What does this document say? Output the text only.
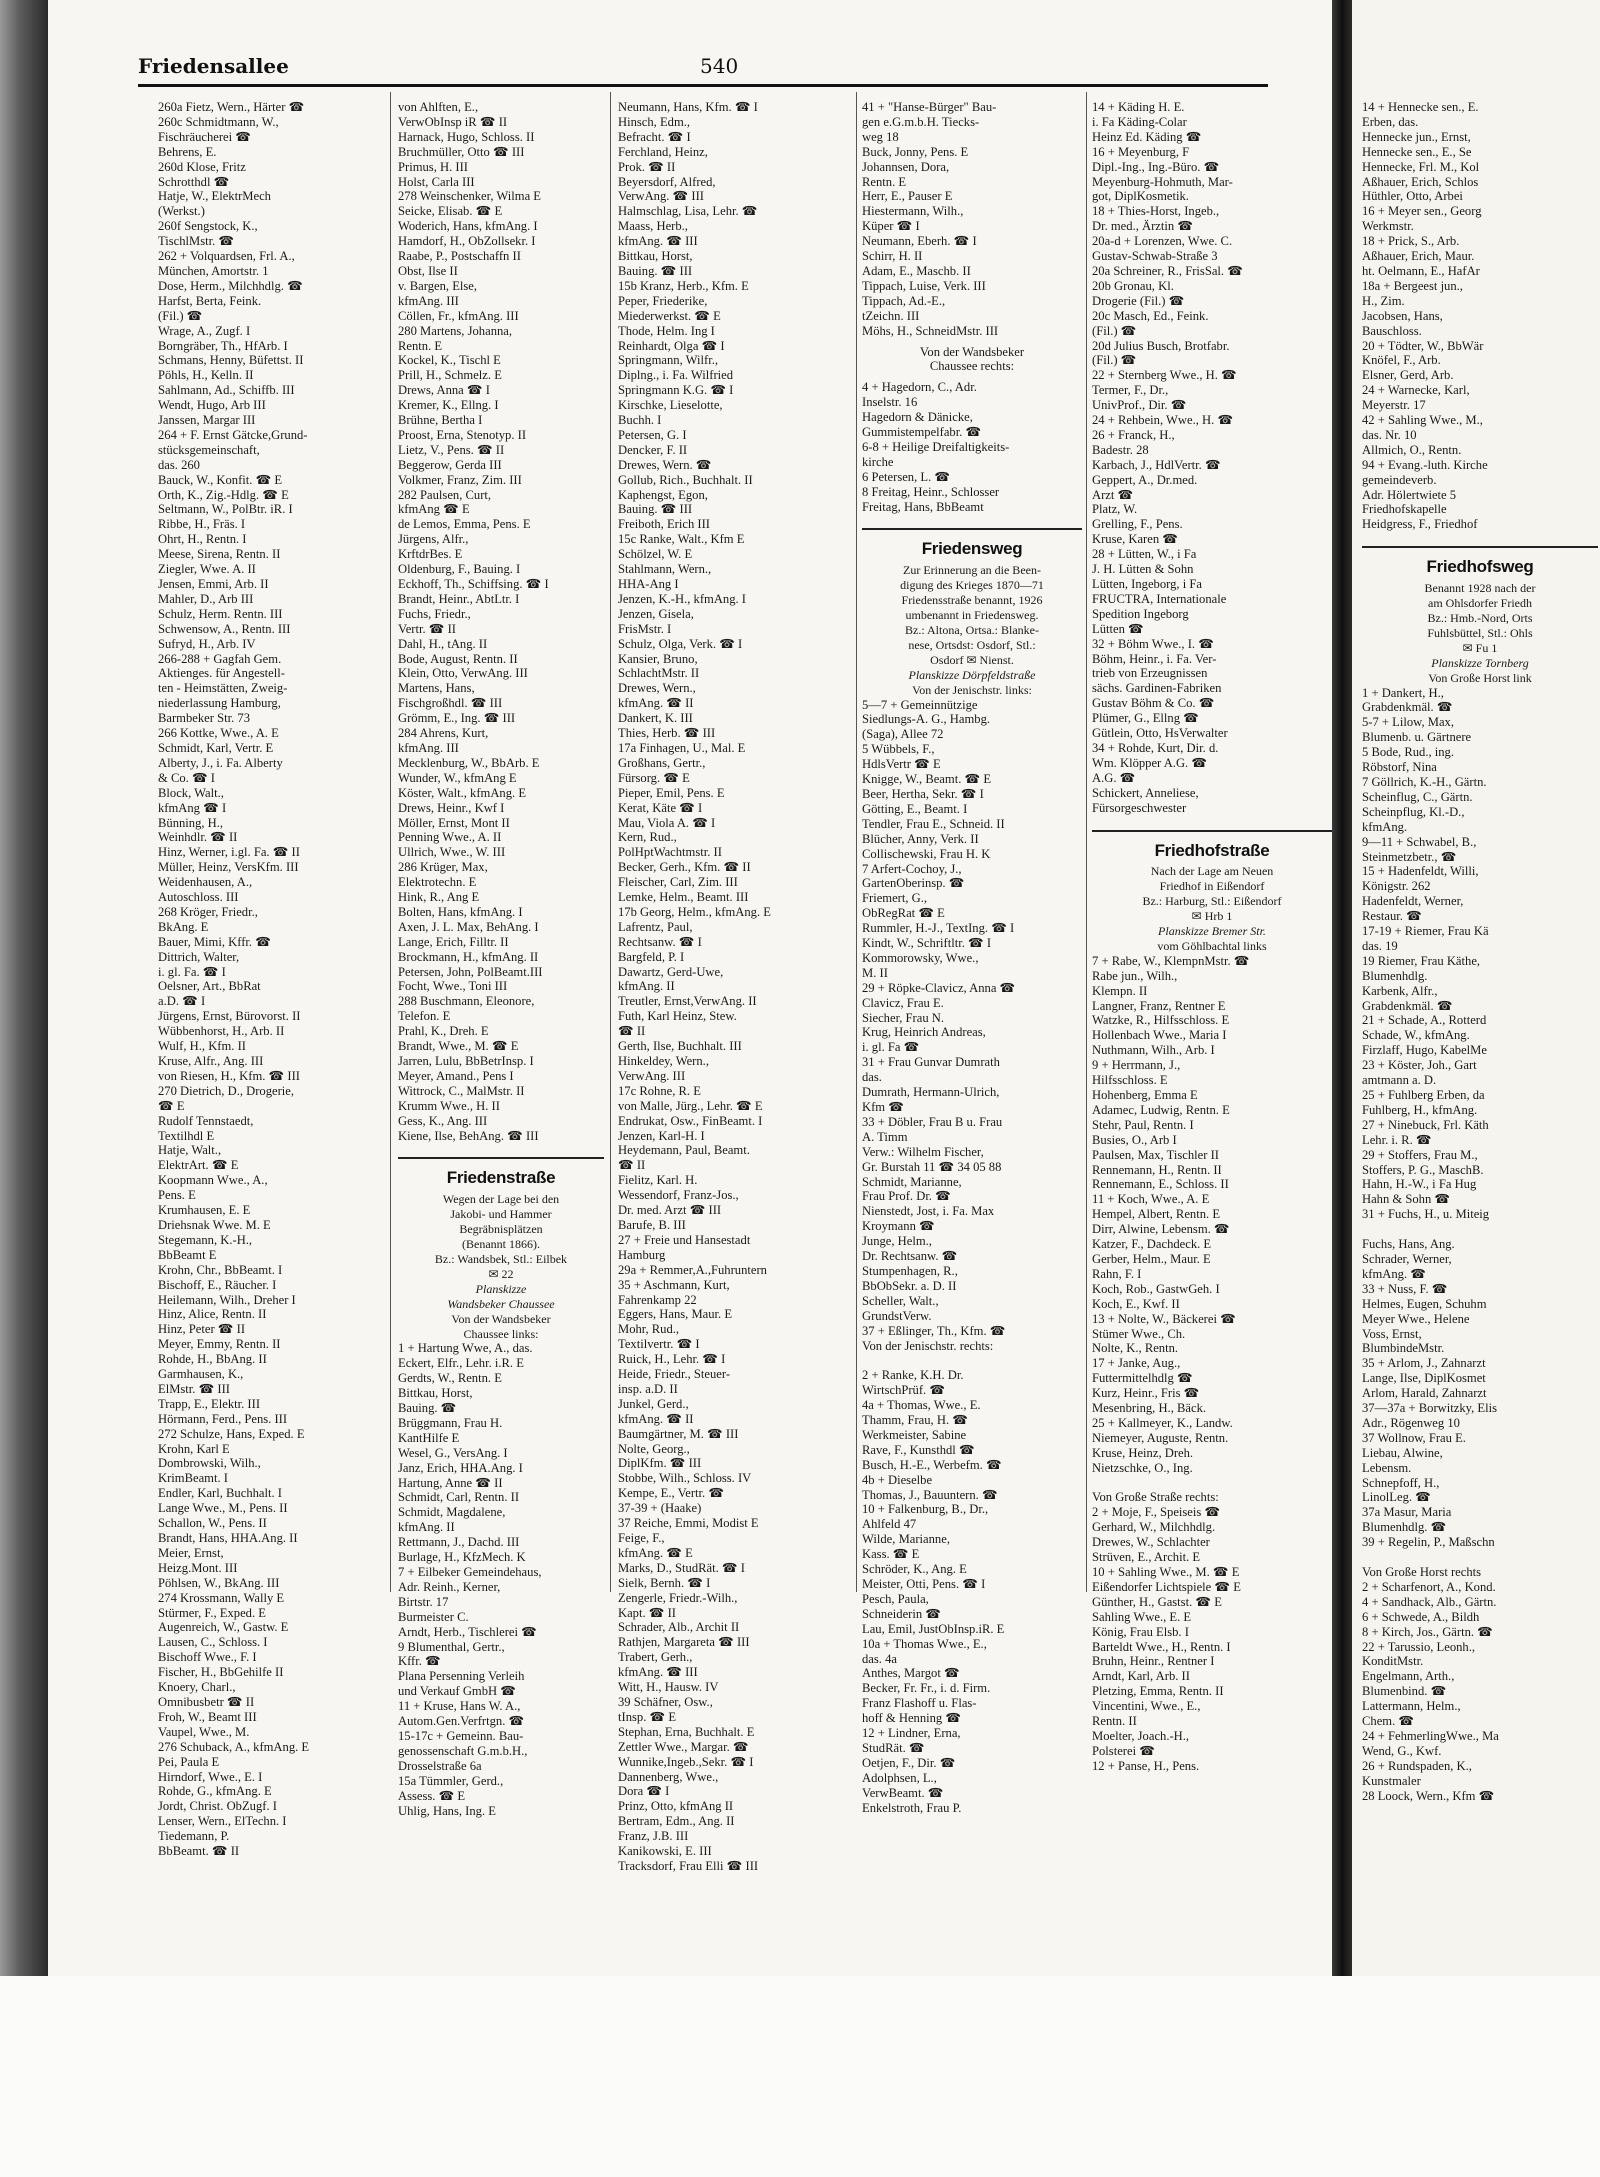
Friedensallee	540
260a Fietz, Wern., Härter ☎
260c Schmidtmann, W.,
Fischräucherei ☎
Behrens, E.
260d Klose, Fritz
Schrotthdl ☎
Hatje, W., ElektrMech
(Werkst.)
260f Sengstock, K.,
TischlMstr. ☎
262 + Volquardsen, Frl. A.,
München, Amortstr. 1
Dose, Herm., Milchhdlg. ☎
Harfst, Berta, Feink.
(Fil.) ☎
Wrage, A., Zugf. I
Borngräber, Th., HfArb. I
Schmans, Henny, Büfettst. II
Pöhls, H., Kelln. II
Sahlmann, Ad., Schiffb. III
Wendt, Hugo, Arb III
Janssen, Margar III
264 + F. Ernst Gätcke,Grund-
stücksgemeinschaft,
das. 260
Bauck, W., Konfit. ☎ E
Orth, K., Zig.-Hdlg. ☎ E
Seltmann, W., PolBtr. iR. I
Ribbe, H., Fräs. I
Ohrt, H., Rentn. I
Meese, Sirena, Rentn. II
Ziegler, Wwe. A. II
Jensen, Emmi, Arb. II
Mahler, D., Arb III
Schulz, Herm. Rentn. III
Schwensow, A., Rentn. III
Sufryd, H., Arb. IV
266-288 + Gagfah Gem.
Aktienges. für Angestell-
ten - Heimstätten, Zweig-
niederlassung Hamburg,
Barmbeker Str. 73
266 Kottke, Wwe., A. E
Schmidt, Karl, Vertr. E
Alberty, J., i. Fa. Alberty
& Co. ☎ I
Block, Walt.,
kfmAng ☎ I
Bünning, H.,
Weinhdlr. ☎ II
Hinz, Werner, i.gl. Fa. ☎ II
Müller, Heinz, VersKfm. III
Weidenhausen, A.,
Autoschloss. III
268 Kröger, Friedr.,
BkAng. E
Bauer, Mimi, Kffr. ☎
Dittrich, Walter,
i. gl. Fa. ☎ I
Oelsner, Art., BbRat
a.D. ☎ I
Jürgens, Ernst, Bürovorst. II
Wübbenhorst, H., Arb. II
Wulf, H., Kfm. II
Kruse, Alfr., Ang. III
von Riesen, H., Kfm. ☎ III
270 Dietrich, D., Drogerie,
☎ E
Rudolf Tennstaedt,
Textilhdl E
Hatje, Walt.,
ElektrArt. ☎ E
Koopmann Wwe., A.,
Pens. E
Krumhausen, E. E
Driehsnak Wwe. M. E
Stegemann, K.-H.,
BbBeamt E
Krohn, Chr., BbBeamt. I
Bischoff, E., Räucher. I
Heilemann, Wilh., Dreher I
Hinz, Alice, Rentn. II
Hinz, Peter ☎ II
Meyer, Emmy, Rentn. II
Rohde, H., BbAng. II
Garmhausen, K.,
ElMstr. ☎ III
Trapp, E., Elektr. III
Hörmann, Ferd., Pens. III
272 Schulze, Hans, Exped. E
Krohn, Karl E
Dombrowski, Wilh.,
KrimBeamt. I
Endler, Karl, Buchhalt. I
Lange Wwe., M., Pens. II
Schallon, W., Pens. II
Brandt, Hans, HHA.Ang. II
Meier, Ernst,
Heizg.Mont. III
Pöhlsen, W., BkAng. III
274 Krossmann, Wally E
Stürmer, F., Exped. E
Augenreich, W., Gastw. E
Lausen, C., Schloss. I
Bischoff Wwe., F. I
Fischer, H., BbGehilfe II
Knoery, Charl.,
Omnibusbetr ☎ II
Froh, W., Beamt III
Vaupel, Wwe., M.
276 Schuback, A., kfmAng. E
Pei, Paula E
Hirndorf, Wwe., E. I
Rohde, G., kfmAng. E
Jordt, Christ. ObZugf. I
Lenser, Wern., ElTechn. I
Tiedemann, P.
BbBeamt. ☎ II
von Ahlften, E.,
VerwObInsp iR ☎ II
Harnack, Hugo, Schloss. II
Bruchmüller, Otto ☎ III
Primus, H. III
Holst, Carla III
278 Weinschenker, Wilma E
Seicke, Elisab. ☎ E
Woderich, Hans, kfmAng. I
Hamdorf, H., ObZollsekr. I
Raabe, P., Postschaffn II
Obst, Ilse II
v. Bargen, Else,
kfmAng. III
Cöllen, Fr., kfmAng. III
280 Martens, Johanna,
Rentn. E
Kockel, K., Tischl E
Prill, H., Schmelz. E
Drews, Anna ☎ I
Kremer, K., Ellng. I
Brühne, Bertha I
Proost, Erna, Stenotyp. II
Lietz, V., Pens. ☎ II
Beggerow, Gerda III
Volkmer, Franz, Zim. III
282 Paulsen, Curt,
kfmAng ☎ E
de Lemos, Emma, Pens. E
Jürgens, Alfr.,
KrftdrBes. E
Oldenburg, F., Bauing. I
Eckhoff, Th., Schiffsing. ☎ I
Brandt, Heinr., AbtLtr. I
Fuchs, Friedr.,
Vertr. ☎ II
Dahl, H., tAng. II
Bode, August, Rentn. II
Klein, Otto, VerwAng. III
Martens, Hans,
Fischgroßhdl. ☎ III
Grömm, E., Ing. ☎ III
284 Ahrens, Kurt,
kfmAng. III
Mecklenburg, W., BbArb. E
Wunder, W., kfmAng E
Köster, Walt., kfmAng. E
Drews, Heinr., Kwf I
Möller, Ernst, Mont II
Penning Wwe., A. II
Ullrich, Wwe., W. III
286 Krüger, Max,
Elektrotechn. E
Hink, R., Ang E
Bolten, Hans, kfmAng. I
Axen, J. L. Max, BehAng. I
Lange, Erich, Filltr. II
Brockmann, H., kfmAng. II
Petersen, John, PolBeamt.III
Focht, Wwe., Toni III
288 Buschmann, Eleonore,
Telefon. E
Prahl, K., Dreh. E
Brandt, Wwe., M. ☎ E
Jarren, Lulu, BbBetrInsp. I
Meyer, Amand., Pens I
Wittrock, C., MalMstr. II
Krumm Wwe., H. II
Gess, K., Ang. III
Kiene, Ilse, BehAng. ☎ III
Friedenstraße
Wegen der Lage bei den
Jakobi- und Hammer
Begräbnisplätzen
(Benannt 1866).
Bz.: Wandsbek, Stl.: Eilbek
✉ 22
Planskizze
Wandsbeker Chaussee
Von der Wandsbeker
Chaussee links:
1 + Hartung Wwe, A., das.
Eckert, Elfr., Lehr. i.R. E
Gerdts, W., Rentn. E
Bittkau, Horst,
Bauing. ☎
Brüggmann, Frau H.
KantHilfe E
Wesel, G., VersAng. I
Janz, Erich, HHA.Ang. I
Hartung, Anne ☎ II
Schmidt, Carl, Rentn. II
Schmidt, Magdalene,
kfmAng. II
Rettmann, J., Dachd. III
Burlage, H., KfzMech. K
7 + Eilbeker Gemeindehaus,
Adr. Reinh., Kerner,
Birtstr. 17
Burmeister C.
Arndt, Herb., Tischlerei ☎
9 Blumenthal, Gertr.,
Kffr. ☎
Plana Persenning Verleih
und Verkauf GmbH ☎
11 + Kruse, Hans W. A.,
Autom.Gen.Verfrtgn. ☎
15-17c + Gemeinn. Bau-
genossenschaft G.m.b.H.,
Drosselstraße 6a
15a Tümmler, Gerd.,
Assess. ☎ E
Uhlig, Hans, Ing. E
Neumann, Hans, Kfm. ☎ I
Hinsch, Edm.,
Befracht. ☎ I
Ferchland, Heinz,
Prok. ☎ II
Beyersdorf, Alfred,
VerwAng. ☎ III
Halmschlag, Lisa, Lehr. ☎
Maass, Herb.,
kfmAng. ☎ III
Bittkau, Horst,
Bauing. ☎ III
15b Kranz, Herb., Kfm. E
Peper, Friederike,
Miederwerkst. ☎ E
Thode, Helm. Ing I
Reinhardt, Olga ☎ I
Springmann, Wilfr.,
Diplng., i. Fa. Wilfried
Springmann K.G. ☎ I
Kirschke, Lieselotte,
Buchh. I
Petersen, G. I
Dencker, F. II
Drewes, Wern. ☎
Gollub, Rich., Buchhalt. II
Kaphengst, Egon,
Bauing. ☎ III
Freiboth, Erich III
15c Ranke, Walt., Kfm E
Schölzel, W. E
Stahlmann, Wern.,
HHA-Ang I
Jenzen, K.-H., kfmAng. I
Jenzen, Gisela,
FrisMstr. I
Schulz, Olga, Verk. ☎ I
Kansier, Bruno,
SchlachtMstr. II
Drewes, Wern.,
kfmAng. ☎ II
Dankert, K. III
Thies, Herb. ☎ III
17a Finhagen, U., Mal. E
Großhans, Gertr.,
Fürsorg. ☎ E
Pieper, Emil, Pens. E
Kerat, Käte ☎ I
Mau, Viola A. ☎ I
Kern, Rud.,
PolHptWachtmstr. II
Becker, Gerh., Kfm. ☎ II
Fleischer, Carl, Zim. III
Lemke, Helm., Beamt. III
17b Georg, Helm., kfmAng. E
Lafrentz, Paul,
Rechtsanw. ☎ I
Bargfeld, P. I
Dawartz, Gerd-Uwe,
kfmAng. II
Treutler, Ernst,VerwAng. II
Futh, Karl Heinz, Stew.
☎ II
Gerth, Ilse, Buchhalt. III
Hinkeldey, Wern.,
VerwAng. III
17c Rohne, R. E
von Malle, Jürg., Lehr. ☎ E
Endrukat, Osw., FinBeamt. I
Jenzen, Karl-H. I
Heydemann, Paul, Beamt.
☎ II
Fielitz, Karl. H.
Wessendorf, Franz-Jos.,
Dr. med. Arzt ☎ III
Barufe, B. III
27 + Freie und Hansestadt
Hamburg
29a + Remmer,A.,Fuhruntern
35 + Aschmann, Kurt,
Fahrenkamp 22
Eggers, Hans, Maur. E
Mohr, Rud.,
Textilvertr. ☎ I
Ruick, H., Lehr. ☎ I
Heide, Friedr., Steuer-
insp. a.D. II
Junkel, Gerd.,
kfmAng. ☎ II
Baumgärtner, M. ☎ III
Nolte, Georg.,
DiplKfm. ☎ III
Stobbe, Wilh., Schloss. IV
Kempe, E., Vertr. ☎
37-39 + (Haake)
37 Reiche, Emmi, Modist E
Feige, F.,
kfmAng. ☎ E
Marks, D., StudRät. ☎ I
Sielk, Bernh. ☎ I
Zengerle, Friedr.-Wilh.,
Kapt. ☎ II
Schrader, Alb., Archit II
Rathjen, Margareta ☎ III
Trabert, Gerh.,
kfmAng. ☎ III
Witt, H., Hausw. IV
39 Schäfner, Osw.,
tInsp. ☎ E
Stephan, Erna, Buchhalt. E
Zettler Wwe., Margar. ☎
Wunnike,Ingeb.,Sekr. ☎ I
Dannenberg, Wwe.,
Dora ☎ I
Prinz, Otto, kfmAng II
Bertram, Edm., Ang. II
Franz, J.B. III
Kanikowski, E. III
Tracksdorf, Frau Elli ☎ III
41 + "Hanse-Bürger" Bau-
gen e.G.m.b.H. Tiecks-
weg 18
Buck, Jonny, Pens. E
Johannsen, Dora,
Rentn. E
Herr, E., Pauser E
Hiestermann, Wilh.,
Küper ☎ I
Neumann, Eberh. ☎ I
Schirr, H. II
Adam, E., Maschb. II
Tippach, Luise, Verk. III
Tippach, Ad.-E.,
tZeichn. III
Möhs, H., SchneidMstr. III
Von der Wandsbeker
Chaussee rechts:
4 + Hagedorn, C., Adr.
Inselstr. 16
Hagedorn & Dänicke,
Gummistempelfabr. ☎
6-8 + Heilige Dreifaltigkeits-
kirche
6 Petersen, L. ☎
8 Freitag, Heinr., Schlosser
Freitag, Hans, BbBeamt
Friedensweg
Zur Erinnerung an die Been-
digung des Krieges 1870—71
Friedensstraße benannt, 1926
umbenannt in Friedensweg.
Bz.: Altona, Ortsa.: Blanke-
nese, Ortsdst: Osdorf, Stl.:
Osdorf ✉ Nienst.
Planskizze Dörpfeldstraße
Von der Jenischstr. links:
5—7 + Gemeinnützige
Siedlungs-A. G., Hambg.
(Saga), Allee 72
5 Wübbels, F.,
HdlsVertr ☎ E
Knigge, W., Beamt. ☎ E
Beer, Hertha, Sekr. ☎ I
Götting, E., Beamt. I
Tendler, Frau E., Schneid. II
Blücher, Anny, Verk. II
Collischewski, Frau H. K
7 Arfert-Cochoy, J.,
GartenOberinsp. ☎
Friemert, G.,
ObRegRat ☎ E
Rummler, H.-J., TextIng. ☎ I
Kindt, W., Schriftltr. ☎ I
Kommorowsky, Wwe.,
M. II
29 + Röpke-Clavicz, Anna ☎
Clavicz, Frau E.
Siecher, Frau N.
Krug, Heinrich Andreas,
i. gl. Fa ☎
31 + Frau Gunvar Dumrath
das.
Dumrath, Hermann-Ulrich,
Kfm ☎
33 + Döbler, Frau B u. Frau
A. Timm
Verw.: Wilhelm Fischer,
Gr. Burstah 11 ☎ 34 05 88
Schmidt, Marianne,
Frau Prof. Dr. ☎
Nienstedt, Jost, i. Fa. Max
Kroymann ☎
Junge, Helm.,
Dr. Rechtsanw. ☎
Stumpenhagen, R.,
BbObSekr. a. D. II
Scheller, Walt.,
GrundstVerw.
37 + Eßlinger, Th., Kfm. ☎
Von der Jenischstr. rechts:

2 + Ranke, K.H. Dr.
WirtschPrüf. ☎
4a + Thomas, Wwe., E.
Thamm, Frau, H. ☎
Werkmeister, Sabine
Rave, F., Kunsthdl ☎
Busch, H.-E., Werbefm. ☎
4b + Dieselbe
Thomas, J., Bauuntern. ☎
10 + Falkenburg, B., Dr.,
Ahlfeld 47
Wilde, Marianne,
Kass. ☎ E
Schröder, K., Ang. E
Meister, Otti, Pens. ☎ I
Pesch, Paula,
Schneiderin ☎
Lau, Emil, JustObInsp.iR. E
10a + Thomas Wwe., E.,
das. 4a
Anthes, Margot ☎
Becker, Fr. Fr., i. d. Firm.
Franz Flashoff u. Flas-
hoff & Henning ☎
12 + Lindner, Erna,
StudRät. ☎
Oetjen, F., Dir. ☎
Adolphsen, L.,
VerwBeamt. ☎
Enkelstroth, Frau P.
14 + Käding H. E.
i. Fa Käding-Colar
Heinz Ed. Käding ☎
16 + Meyenburg, F
Dipl.-Ing., Ing.-Büro. ☎
Meyenburg-Hohmuth, Mar-
got, DiplKosmetik.
18 + Thies-Horst, Ingeb.,
Dr. med., Ärztin ☎
20a-d + Lorenzen, Wwe. C.
Gustav-Schwab-Straße 3
20a Schreiner, R., FrisSal. ☎
20b Gronau, Kl.
Drogerie (Fil.) ☎
20c Masch, Ed., Feink.
(Fil.) ☎
20d Julius Busch, Brotfabr.
(Fil.) ☎
22 + Sternberg Wwe., H. ☎
Termer, F., Dr.,
UnivProf., Dir. ☎
24 + Rehbein, Wwe., H. ☎
26 + Franck, H.,
Badestr. 28
Karbach, J., HdlVertr. ☎
Geppert, A., Dr.med.
Arzt ☎
Platz, W.
Grelling, F., Pens.
Kruse, Karen ☎
28 + Lütten, W., i Fa
J. H. Lütten & Sohn
Lütten, Ingeborg, i Fa
FRUCTRA, Internationale
Spedition Ingeborg
Lütten ☎
32 + Böhm Wwe., I. ☎
Böhm, Heinr., i. Fa. Ver-
trieb von Erzeugnissen
sächs. Gardinen-Fabriken
Gustav Böhm & Co. ☎
Plümer, G., Ellng ☎
Gütlein, Otto, HsVerwalter
34 + Rohde, Kurt, Dir. d.
Wm. Klöpper A.G. ☎
A.G. ☎
Schickert, Anneliese,
Fürsorgeschwester
Friedhofstraße
Nach der Lage am Neuen
Friedhof in Eißendorf
Bz.: Harburg, Stl.: Eißendorf
✉ Hrb 1
Planskizze Bremer Str.
vom Göhlbachtal links
7 + Rabe, W., KlempnMstr. ☎
Rabe jun., Wilh.,
Klempn. II
Langner, Franz, Rentner E
Watzke, R., Hilfsschloss. E
Hollenbach Wwe., Maria I
Nuthmann, Wilh., Arb. I
9 + Herrmann, J.,
Hilfsschloss. E
Hohenberg, Emma E
Adamec, Ludwig, Rentn. E
Stehr, Paul, Rentn. I
Busies, O., Arb I
Paulsen, Max, Tischler II
Rennemann, H., Rentn. II
Rennemann, E., Schloss. II
11 + Koch, Wwe., A. E
Hempel, Albert, Rentn. E
Dirr, Alwine, Lebensm. ☎
Katzer, F., Dachdeck. E
Gerber, Helm., Maur. E
Rahn, F. I
Koch, Rob., GastwGeh. I
Koch, E., Kwf. II
13 + Nolte, W., Bäckerei ☎
Stümer Wwe., Ch.
Nolte, K., Rentn.
17 + Janke, Aug.,
Futtermittelhdlg ☎
Kurz, Heinr., Fris ☎
Mesenbring, H., Bäck.
25 + Kallmeyer, K., Landw.
Niemeyer, Auguste, Rentn.
Kruse, Heinz, Dreh.
Nietzschke, O., Ing.

Von Große Straße rechts:
2 + Moje, F., Speiseis ☎
Gerhard, W., Milchhdlg.
Drewes, W., Schlachter
Strüven, E., Archit. E
10 + Sahling Wwe., M. ☎ E
Eißendorfer Lichtspiele ☎ E
Günther, H., Gastst. ☎ E
Sahling Wwe., E. E
König, Frau Elsb. I
Barteldt Wwe., H., Rentn. I
Bruhn, Heinr., Rentner I
Arndt, Karl, Arb. II
Pletzing, Emma, Rentn. II
Vincentini, Wwe., E.,
Rentn. II
Moelter, Joach.-H.,
Polsterei ☎
12 + Panse, H., Pens.
14 + Hennecke sen., E.
Erben, das.
Hennecke jun., Ernst,
Hennecke sen., E., Se
Hennecke, Frl. M., Kol
Aßhauer, Erich, Schlos
Hüthler, Otto, Arbei
16 + Meyer sen., Georg
Werkmstr.
18 + Prick, S., Arb.
Aßhauer, Erich, Maur.
ht. Oelmann, E., HafAr
18a + Bergeest jun.,
H., Zim.
Jacobsen, Hans,
Bauschloss.
20 + Tödter, W., BbWär
Knöfel, F., Arb.
Elsner, Gerd, Arb.
24 + Warnecke, Karl,
Meyerstr. 17
42 + Sahling Wwe., M.,
das. Nr. 10
Allmich, O., Rentn.
94 + Evang.-luth. Kirche
gemeindeverb.
Adr. Hölertwiete 5
Friedhofskapelle
Heidgress, F., Friedhof
Friedhofsweg
Benannt 1928 nach der
am Ohlsdorfer Friedh
Bz.: Hmb.-Nord, Orts
Fuhlsbüttel, Stl.: Ohls
✉ Fu 1
Planskizze Tornberg
Von Große Horst link
1 + Dankert, H.,
Grabdenkmäl. ☎
5-7 + Lilow, Max,
Blumenb. u. Gärtnere
5 Bode, Rud., ing.
Röbstorf, Nina
7 Göllrich, K.-H., Gärtn.
Scheinflug, C., Gärtn.
Scheinpflug, Kl.-D.,
kfmAng.
9—11 + Schwabel, B.,
Steinmetzbetr., ☎
15 + Hadenfeldt, Willi,
Königstr. 262
Hadenfeldt, Werner,
Restaur. ☎
17-19 + Riemer, Frau Kä
das. 19
19 Riemer, Frau Käthe,
Blumenhdlg.
Karbenk, Alfr.,
Grabdenkmäl. ☎
21 + Schade, A., Rotterd
Schade, W., kfmAng.
Firzlaff, Hugo, KabelMe
23 + Köster, Joh., Gart
amtmann a. D.
25 + Fuhlberg Erben, da
Fuhlberg, H., kfmAng.
27 + Ninebuck, Frl. Käth
Lehr. i. R. ☎
29 + Stoffers, Frau M.,
Stoffers, P. G., MaschB.
Hahn, H.-W., i Fa Hug
Hahn & Sohn ☎
31 + Fuchs, H., u. Miteig

Fuchs, Hans, Ang.
Schrader, Werner,
kfmAng. ☎
33 + Nuss, F. ☎
Helmes, Eugen, Schuhm
Meyer Wwe., Helene
Voss, Ernst,
BlumbindeMstr.
35 + Arlom, J., Zahnarzt
Lange, Ilse, DiplKosmet
Arlom, Harald, Zahnarzt
37—37a + Borwitzky, Elis
Adr., Rögenweg 10
37 Wollnow, Frau E.
Liebau, Alwine,
Lebensm.
Schnepfoff, H.,
LinolLeg. ☎
37a Masur, Maria
Blumenhdlg. ☎
39 + Regelin, P., Maßschn

Von Große Horst rechts
2 + Scharfenort, A., Kond.
4 + Sandhack, Alb., Gärtn.
6 + Schwede, A., Bildh
8 + Kirch, Jos., Gärtn. ☎
22 + Tarussio, Leonh.,
KonditMstr.
Engelmann, Arth.,
Blumenbind. ☎
Lattermann, Helm.,
Chem. ☎
24 + FehmerlingWwe., Ma
Wend, G., Kwf.
26 + Rundspaden, K.,
Kunstmaler
28 Loock, Wern., Kfm ☎
